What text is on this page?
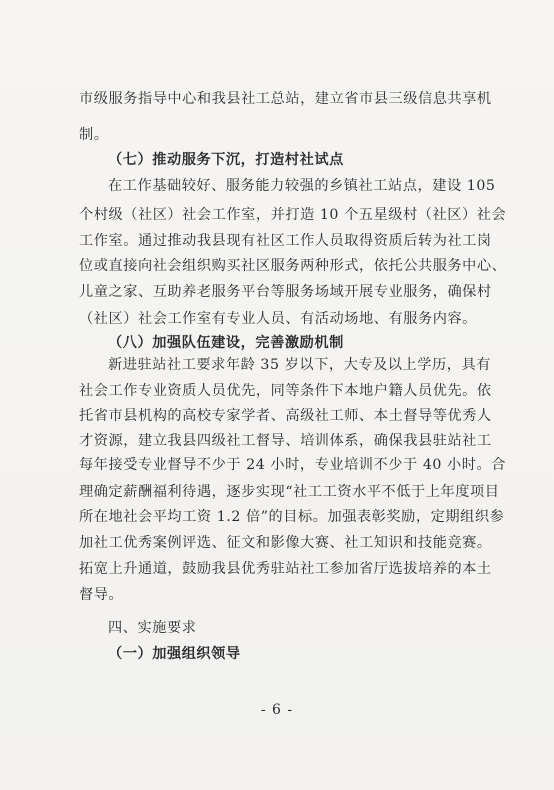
市级服务指导中心和我县社工总站，建立省市县三级信息共享机
制。
（七）推动服务下沉，打造村社试点
在工作基础较好、服务能力较强的乡镇社工站点，建设 105
个村级（社区）社会工作室，并打造 10 个五星级村（社区）社会
工作室。通过推动我县现有社区工作人员取得资质后转为社工岗
位或直接向社会组织购买社区服务两种形式，依托公共服务中心、
儿童之家、互助养老服务平台等服务场域开展专业服务，确保村
（社区）社会工作室有专业人员、有活动场地、有服务内容。
（八）加强队伍建设，完善激励机制
新进驻站社工要求年龄 35 岁以下，大专及以上学历，具有
社会工作专业资质人员优先，同等条件下本地户籍人员优先。依
托省市县机构的高校专家学者、高级社工师、本土督导等优秀人
才资源，建立我县四级社工督导、培训体系，确保我县驻站社工
每年接受专业督导不少于 24 小时，专业培训不少于 40 小时。合
理确定薪酬福利待遇，逐步实现“社工工资水平不低于上年度项目
所在地社会平均工资 1.2 倍”的目标。加强表彰奖励，定期组织参
加社工优秀案例评选、征文和影像大赛、社工知识和技能竞赛。
拓宽上升通道，鼓励我县优秀驻站社工参加省厅选拔培养的本土
督导。
四、实施要求
（一）加强组织领导
- 6 -
